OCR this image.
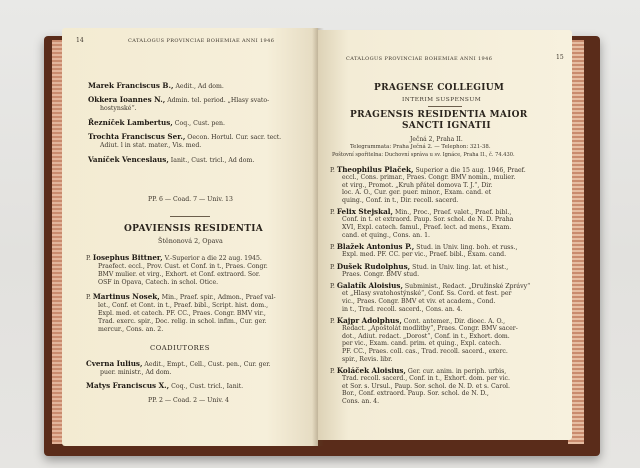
14	CATALOGUS PROVINCIAE BOHEMIAE ANNI 1946
Marek Franciscus B., Aedit., Ad dom.
Okkera Ioannes N., Admin. tel. period. „Hlasy svato-
hostynské“.
Řezníček Lambertus, Coq., Cust. pen.
Trochta Franciscus Ser., Oecon. Hortul. Cur. sacr. tect.
Adiut. l in stat. mater., Vis. med.
Vaníček Venceslaus, Ianit., Cust. tricl., Ad dom.
PP. 6 — Coad. 7 — Univ. 13
OPAVIENSIS RESIDENTIA
Štěnonová 2, Opava
P. Iosephus Bittner, V.-Superior a die 22 aug. 1945.
Praefect. eccl., Prov. Cust. et Conf. in t., Praes. Congr.
BMV mulier. et virg., Exhort. et Conf. extraord. Sor.
OSF in Opava, Catech. in schol. Otice.
P. Martinus Nosek, Min., Praef. spir., Admon., Praef val-
let., Conf. et Cont. in t., Praef. bibl., Script. hist. dom.,
Expl. med. et catech. PF. CC., Praes. Congr. BMV vir.,
Trad. exerc. spir., Doc. relig. in schol. infim., Cur. ger.
mercur., Cons. an. 2.
COADIUTORES
Cverna Iulius, Aedit., Empt., Cell., Cust. pen., Cur. ger.
puer. ministr., Ad dom.
Matys Franciscus X., Coq., Cust. tricl., Ianit.
PP. 2 — Coad. 2 — Univ. 4
CATALOGUS PROVINCIAE BOHEMIAE ANNI 1946	15
PRAGENSE COLLEGIUM
INTERIM SUSPENSUM
PRAGENSIS RESIDENTIA MAIOR
SANCTI IGNATII
Ječná 2, Praha II.
Telegrammata: Praha Ječná 2. — Telephon: 321-38.
Poštovní spořitelna: Duchovní správa u sv. Ignáce, Praha II., č. 74.430.
P. Theophilus Plaček, Superior a die 15 aug. 1946, Praef.
eccl., Cons. primar., Praes. Congr. BMV nomin., mulier.
et virg., Promot. „Kruh přátel domova T. J.“, Dir.
loc. A. O., Cur. ger. puer. minor., Exam. cand. et
quing., Conf. in t., Dir. recoll. sacerd.
P. Felix Stejskal, Min., Proc., Praef. valet., Praef. bibl.,
Conf. in t. et extraord. Paup. Sor. schol. de N. D. Praha
XVI, Expl. catech. famul., Praef. lect. ad mens., Exam.
cand. et quing., Cons. an. 1.
P. Blažek Antonius P., Stud. in Univ. ling. boh. et russ.,
Expl. med. PF. CC. per vic., Praef. bibl., Exam. cand.
P. Dušek Rudolphus, Stud. in Univ. ling. lat. et hist.,
Praes. Congr. BMV stud.
P. Galatík Aloisius, Subminist., Redact. „Družinské Zprávy“
et „Hlasy svatohostýnské“, Conf. Ss. Cord. et fest. per
vic., Praes. Congr. BMV et viv. et academ., Cond.
in t., Trad. recoll. sacerd., Cons. an. 4.
P. Kajpr Adolphus, Cont. antemer., Dir. dioec. A. O.,
Redact. „Apoštolát modlitby“, Praes. Congr. BMV sacer-
dot., Adiut. redact. „Dorost“, Conf. in t., Exhort. dom.
per vic., Exam. cand. prim. et quing., Expl. catech.
PF. CC., Praes. coll. cas., Trad. recoll. sacerd., exerc.
spir., Revis. libr.
P. Koláček Aloisius, Ger. cur. anim. in periph. urbis,
Trad. recoll. sacerd., Conf. in t., Exhort. dom. per vic.
et Sor. s. Ursul., Paup. Sor. schol. de N. D. et s. Carol.
Bor., Conf. extraord. Paup. Sor. schol. de N. D.,
Cons. an. 4.
